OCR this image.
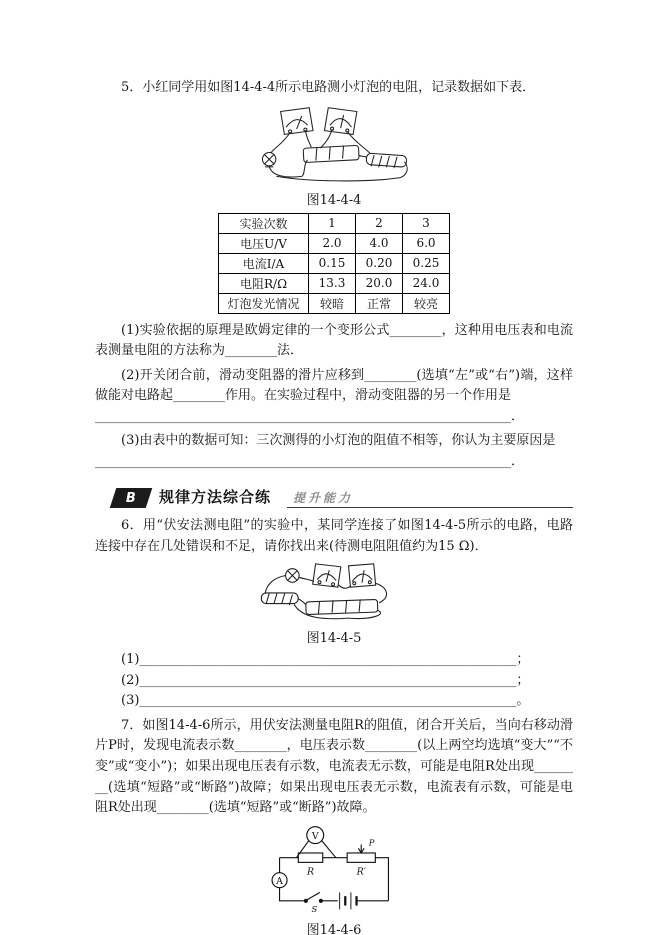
5．小红同学用如图14-4-4所示电路测小灯泡的电阻，记录数据如下表．

图14-4-4
实验次数	1	2	3
电压U/V	2.0	4.0	6.0
电流I/A	0.15	0.20	0.25
电阻R/Ω	13.3	20.0	24.0
灯泡发光情况	较暗	正常	较亮

(1)实验依据的原理是欧姆定律的一个变形公式________，这种用电压表和电流表测量电阻的方法称为________法．

(2)开关闭合前，滑动变阻器的滑片应移到________(选填“左”或“右”)端，这样做能对电路起________作用。在实验过程中，滑动变阻器的另一个作用是

________________________________________________________________．

(3)由表中的数据可知：三次测得的小灯泡的阻值不相等，你认为主要原因是

________________________________________________________________．

B 规律方法综合练 提升能力

6．用“伏安法测电阻”的实验中，某同学连接了如图14-4-5所示的电路，电路连接中存在几处错误和不足，请你找出来(待测电阻阻值约为15 Ω)．

图14-4-5

(1)__________________________________________________________；

(2)__________________________________________________________；

(3)__________________________________________________________。

7．如图14-4-6所示，用伏安法测量电阻R的阻值，闭合开关后，当向右移动滑片P时，发现电流表示数________，电压表示数________(以上两空均选填“变大”“不变”或“变小”)；如果出现电压表有示数，电流表无示数，可能是电阻R处出现________(选填“短路”或“断路”)故障；如果出现电压表无示数，电流表有示数，可能是电阻R处出现________(选填“短路”或“断路”)故障。

V
A
R	R′
P
S
图14-4-6
